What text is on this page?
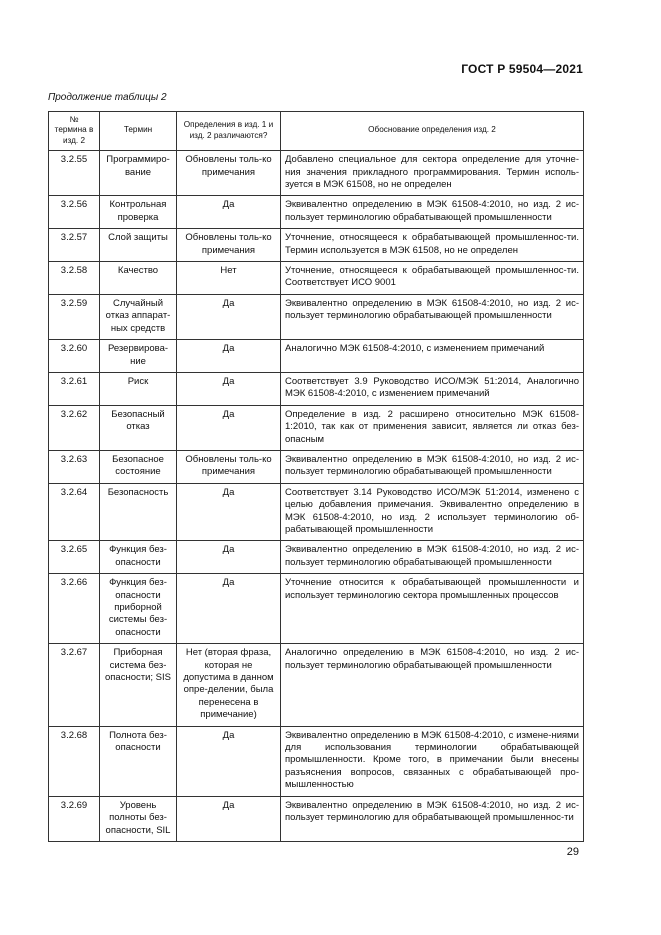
ГОСТ Р 59504—2021
Продолжение таблицы 2
№ термина в изд. 2	Термин	Определения в изд. 1 и изд. 2 различаются?	Обоснование определения изд. 2
3.2.55	Программиро-вание	Обновлены толь-ко примечания	Добавлено специальное для сектора определение для уточне-ния значения прикладного программирования. Термин исполь-зуется в МЭК 61508, но не определен
3.2.56	Контрольная проверка	Да	Эквивалентно определению в МЭК 61508-4:2010, но изд. 2 ис-пользует терминологию обрабатывающей промышленности
3.2.57	Слой защиты	Обновлены толь-ко примечания	Уточнение, относящееся к обрабатывающей промышленнос-ти. Термин используется в МЭК 61508, но не определен
3.2.58	Качество	Нет	Уточнение, относящееся к обрабатывающей промышленнос-ти. Соответствует ИСО 9001
3.2.59	Случайный отказ аппарат-ных средств	Да	Эквивалентно определению в МЭК 61508-4:2010, но изд. 2 ис-пользует терминологию обрабатывающей промышленности
3.2.60	Резервирова-ние	Да	Аналогично МЭК 61508-4:2010, с изменением примечаний
3.2.61	Риск	Да	Соответствует 3.9 Руководство ИСО/МЭК 51:2014, Аналогично МЭК 61508-4:2010, с изменением примечаний
3.2.62	Безопасный отказ	Да	Определение в изд. 2 расширено относительно МЭК 61508-1:2010, так как от применения зависит, является ли отказ без-опасным
3.2.63	Безопасное состояние	Обновлены толь-ко примечания	Эквивалентно определению в МЭК 61508-4:2010, но изд. 2 ис-пользует терминологию обрабатывающей промышленности
3.2.64	Безопасность	Да	Соответствует 3.14 Руководство ИСО/МЭК 51:2014, изменено с целью добавления примечания. Эквивалентно определению в МЭК 61508-4:2010, но изд. 2 использует терминологию об-рабатывающей промышленности
3.2.65	Функция без-опасности	Да	Эквивалентно определению в МЭК 61508-4:2010, но изд. 2 ис-пользует терминологию обрабатывающей промышленности
3.2.66	Функция без-опасности приборной системы без-опасности	Да	Уточнение относится к обрабатывающей промышленности и использует терминологию сектора промышленных процессов
3.2.67	Приборная система без-опасности; SIS	Нет (вторая фраза, которая не допустима в данном опре-делении, была перенесена в примечание)	Аналогично определению в МЭК 61508-4:2010, но изд. 2 ис-пользует терминологию обрабатывающей промышленности
3.2.68	Полнота без-опасности	Да	Эквивалентно определению в МЭК 61508-4:2010, с измене-ниями для использования терминологии обрабатывающей промышленности. Кроме того, в примечании были внесены разъяснения вопросов, связанных с обрабатывающей про-мышленностью
3.2.69	Уровень полноты без-опасности, SIL	Да	Эквивалентно определению в МЭК 61508-4:2010, но изд. 2 ис-пользует терминологию для обрабатывающей промышленнос-ти
29
